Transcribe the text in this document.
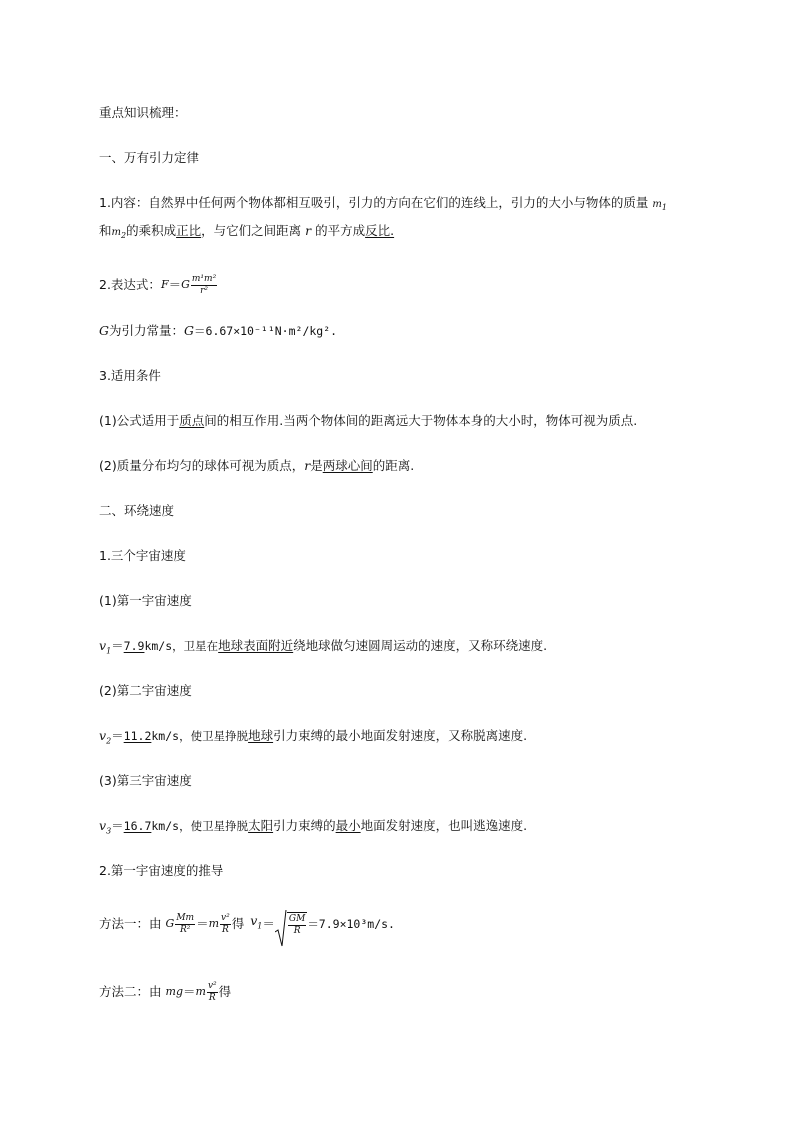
重点知识梳理：
一、万有引力定律
1.内容：自然界中任何两个物体都相互吸引，引力的方向在它们的连线上，引力的大小与物体的质量 $m_1$
和$m_2$的乘积成正比，与它们之间距离 r 的平方成反比.
2.表达式： F ＝ G $\frac{\text{m¹m²}}{\text{r²}}$
G为引力常量：G＝6.67×10⁻¹¹N·m²/kg².
3.适用条件
(1)公式适用于质点间的相互作用.当两个物体间的距离远大于物体本身的大小时，物体可视为质点.
(2)质量分布均匀的球体可视为质点，r是两球心间的距离.
二、环绕速度
1.三个宇宙速度
(1)第一宇宙速度
$v_1=7.9km/s$，卫星在地球表面附近绕地球做匀速圆周运动的速度，又称环绕速度.
(2)第二宇宙速度
$v_2=11.2km/s$，使卫星挣脱地球引力束缚的最小地面发射速度，又称脱离速度.
(3)第三宇宙速度
$v_3=16.7km/s$，使卫星挣脱太阳引力束缚的最小地面发射速度，也叫逃逸速度.
2.第一宇宙速度的推导
方法一：由 G $\frac{Mm}{\text{R²}} = m \frac{\text{v²}}{R}$ 得 $v_1 = \frac{GM}{R} =7.9\times 10^3m/s$.
方法二：由 mg ＝ m $\frac{\text{v²}}{R}$ 得
